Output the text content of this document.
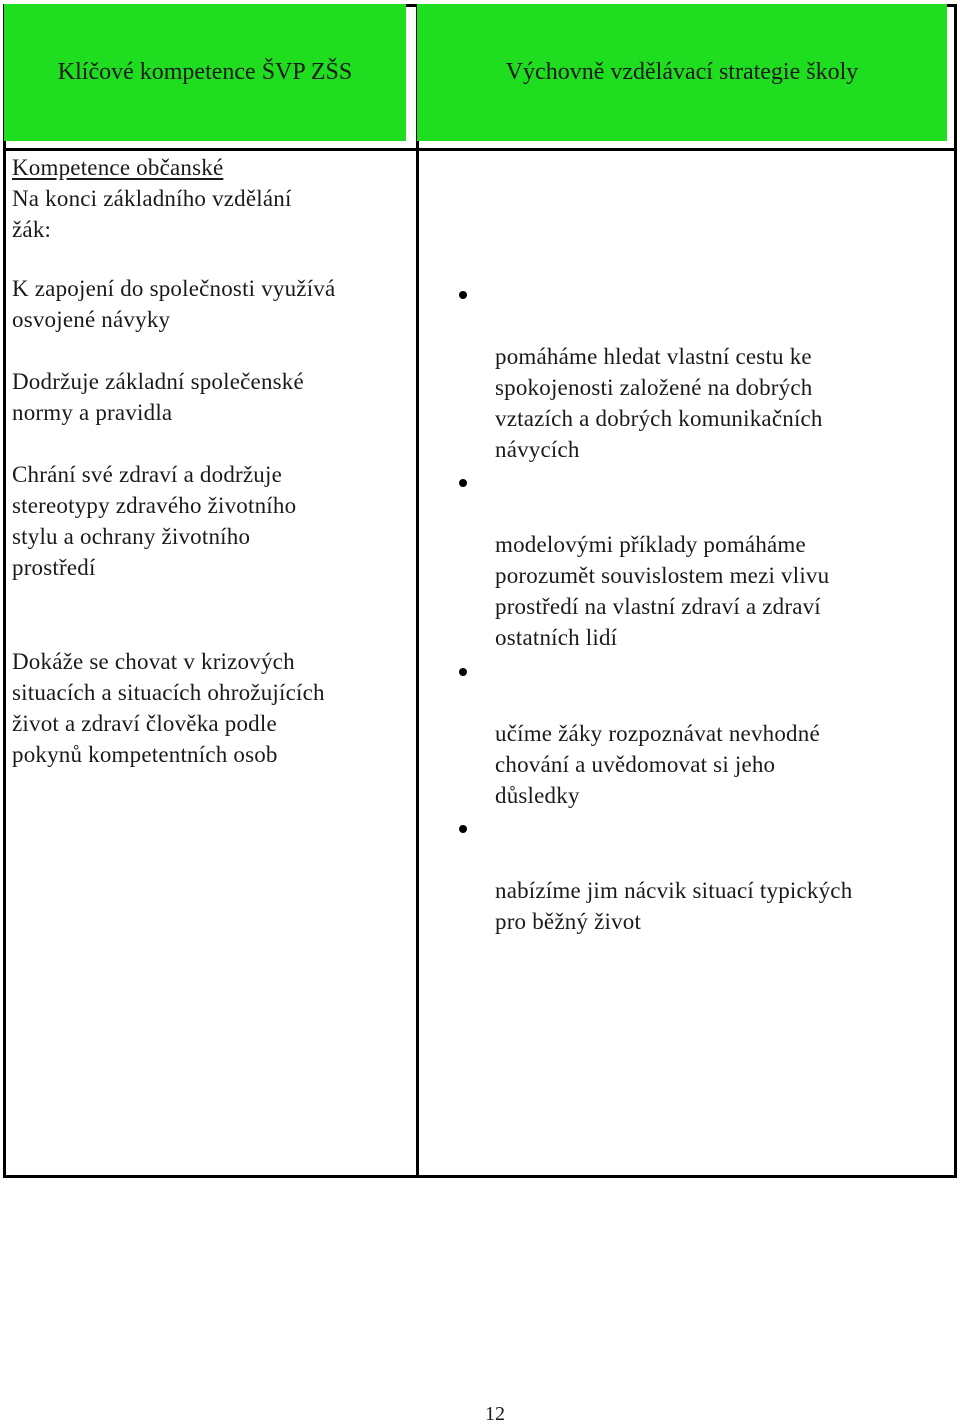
Klíčové kompetence ŠVP ZŠS	Výchovně vzdělávací strategie školy
Kompetence občanské
Na konci základního vzdělání
žák:
K zapojení do společnosti využívá
osvojené návyky
Dodržuje základní společenské
normy a pravidla
Chrání své zdraví a dodržuje
stereotypy zdravého životního
stylu a ochrany životního
prostředí
Dokáže se chovat v krizových
situacích a situacích ohrožujících
život a zdraví člověka podle
pokynů kompetentních osob

pomáháme hledat vlastní cestu ke
spokojenosti založené na dobrých
vztazích a dobrých komunikačních
návycích

modelovými příklady pomáháme
porozumět souvislostem mezi vlivu
prostředí na vlastní zdraví a zdraví
ostatních lidí

učíme žáky rozpoznávat nevhodné
chování a uvědomovat si jeho
důsledky

nabízíme jim nácvik situací typických
pro běžný život

12
